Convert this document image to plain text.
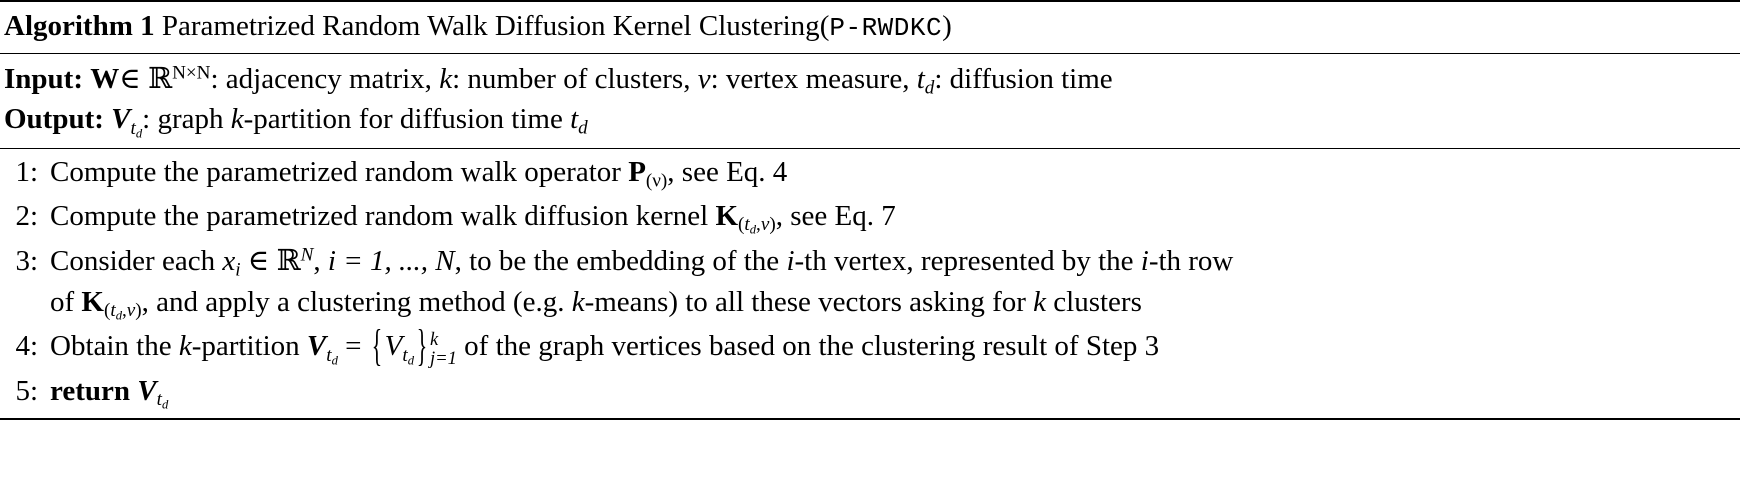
Algorithm 1 Parametrized Random Walk Diffusion Kernel Clustering(P-RWDKC)
Input: W∈ ℝ$^{N\times N}$: adjacency matrix, k: number of clusters, ν: vertex measure, $t_d$: diffusion time
Output: $V_{t_d}$: graph k-partition for diffusion time $t_d$
1: Compute the parametrized random walk operator $P_{(\nu)}$, see Eq. 4
2: Compute the parametrized random walk diffusion kernel $K_{(t_d,\nu)}$, see Eq. 7
3: Consider each $x_i$ ∈ ℝ$^N$, i = 1, ..., N, to be the embedding of the i-th vertex, represented by the i-th row
of $K_{(t_d,\nu)}$, and apply a clustering method (e.g. k-means) to all these vectors asking for k clusters
4: Obtain the k-partition $V_{t_d} = \{V_{t_d}\}$ k
j=1 of the graph vertices based on the clustering result of Step 3
5: return $V_{t_d}$
